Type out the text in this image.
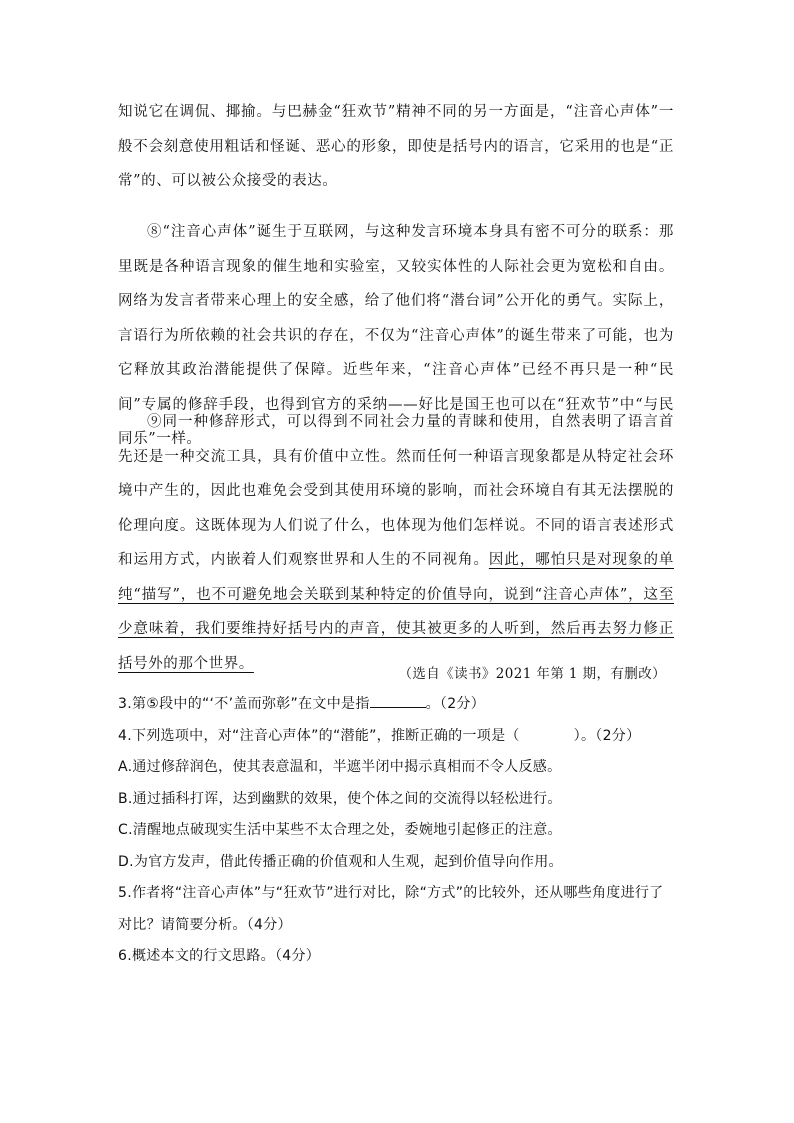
知说它在调侃、揶揄。与巴赫金“狂欢节”精神不同的另一方面是，“注音心声体”一般不会刻意使用粗话和怪诞、恶心的形象，即使是括号内的语言，它采用的也是“正常”的、可以被公众接受的表达。
⑧“注音心声体”诞生于互联网，与这种发言环境本身具有密不可分的联系：那里既是各种语言现象的催生地和实验室，又较实体性的人际社会更为宽松和自由。网络为发言者带来心理上的安全感，给了他们将“潜台词”公开化的勇气。实际上，言语行为所依赖的社会共识的存在，不仅为“注音心声体”的诞生带来了可能，也为它释放其政治潜能提供了保障。近些年来，“注音心声体”已经不再只是一种“民间”专属的修辞手段，也得到官方的采纳——好比是国王也可以在“狂欢节”中“与民同乐”一样。
⑨同一种修辞形式，可以得到不同社会力量的青睐和使用，自然表明了语言首先还是一种交流工具，具有价值中立性。然而任何一种语言现象都是从特定社会环境中产生的，因此也难免会受到其使用环境的影响，而社会环境自有其无法摆脱的伦理向度。这既体现为人们说了什么，也体现为他们怎样说。不同的语言表述形式和运用方式，内嵌着人们观察世界和人生的不同视角。因此，哪怕只是对现象的单纯“描写”，也不可避免地会关联到某种特定的价值导向，说到“注音心声体”，这至少意味着，我们要维持好括号内的声音，使其被更多的人听到，然后再去努力修正括号外的那个世界。
（选自《读书》2021 年第 1 期，有删改）

3.第⑤段中的“‘不’盖而弥彰”在文中是指	。（2分）

4.下列选项中，对“注音心声体”的“潜能”，推断正确的一项是（	）。（2分）

A.通过修辞润色，使其表意温和，半遮半闭中揭示真相而不令人反感。

B.通过插科打诨，达到幽默的效果，使个体之间的交流得以轻松进行。

C.清醒地点破现实生活中某些不太合理之处，委婉地引起修正的注意。

D.为官方发声，借此传播正确的价值观和人生观，起到价值导向作用。

5.作者将“注音心声体”与“狂欢节”进行对比，除“方式”的比较外，还从哪些角度进行了对比？请简要分析。（4分）

6.概述本文的行文思路。（4分）
